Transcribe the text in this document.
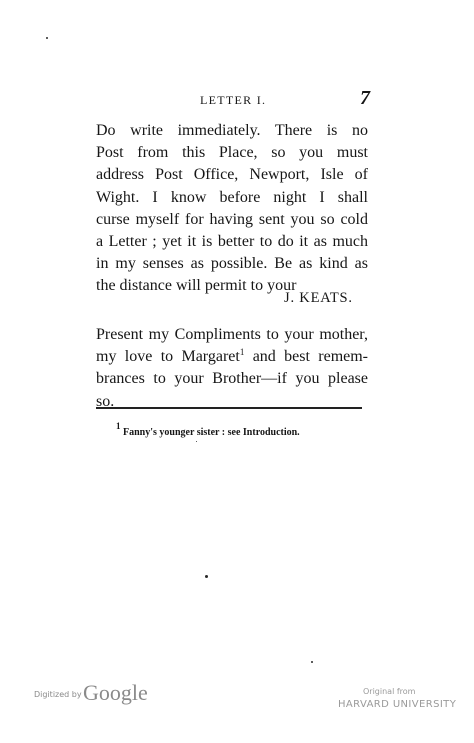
LETTER I.	7
Do write immediately. There is no
Post from this Place, so you must
address Post Office, Newport, Isle of
Wight. I know before night I shall
curse myself for having sent you so cold
a Letter ; yet it is better to do it as much
in my senses as possible. Be as kind as
the distance will permit to your
J. KEATS.
Present my Compliments to your mother,
my love to Margaret$^1$ and best remem-
brances to your Brother—if you please
so.
$^1$ Fanny's younger sister : see Introduction.
Digitized by Google	Original from
HARVARD UNIVERSITY
